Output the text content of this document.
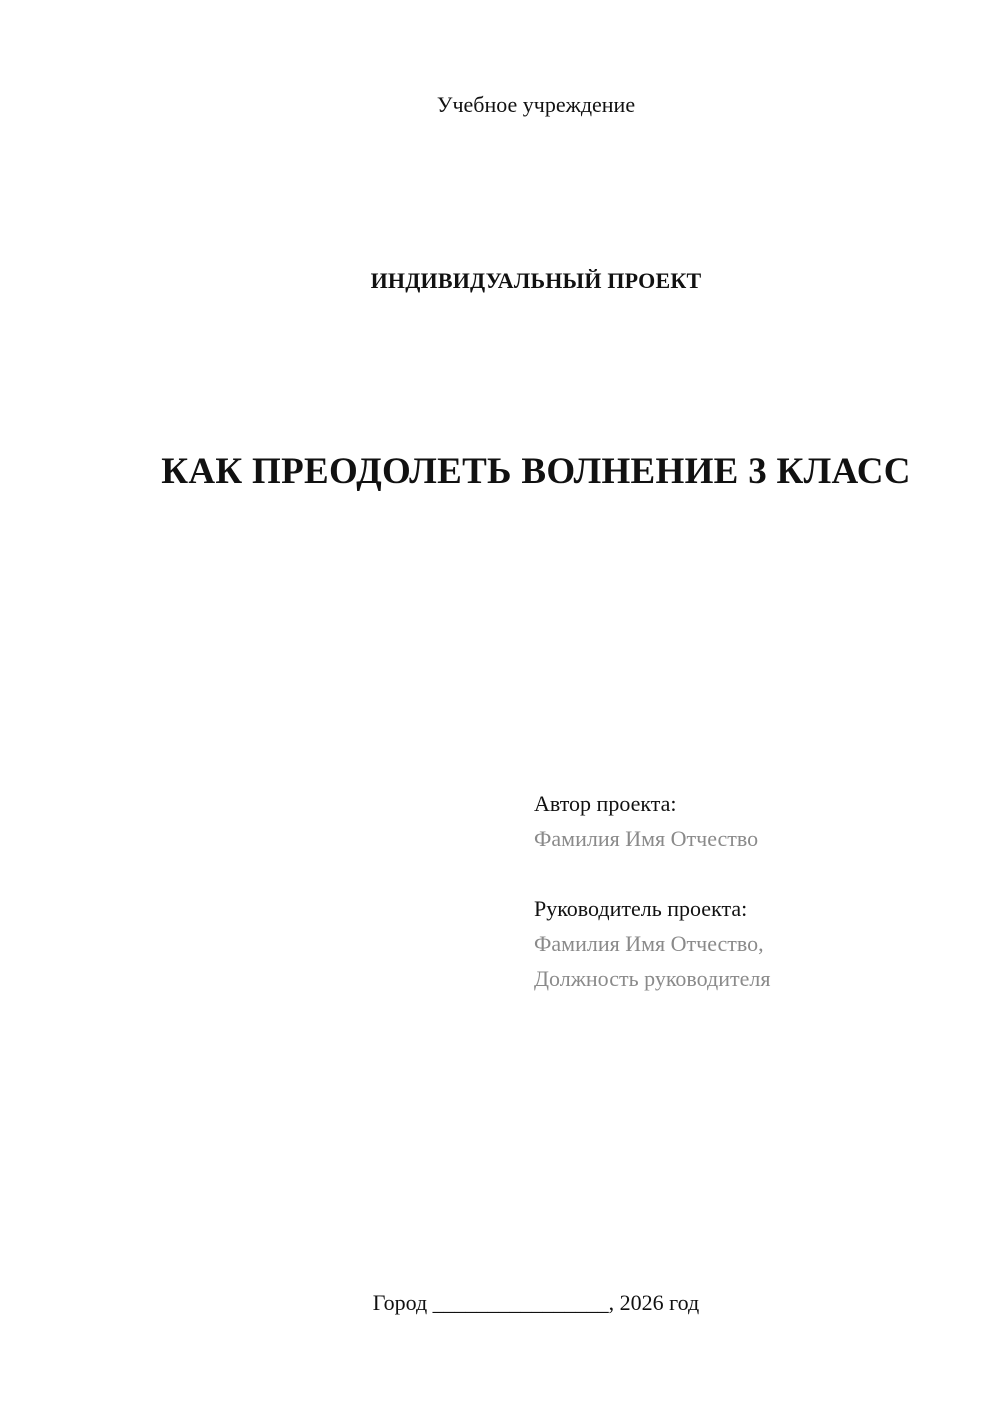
Учебное учреждение
ИНДИВИДУАЛЬНЫЙ ПРОЕКТ
КАК ПРЕОДОЛЕТЬ ВОЛНЕНИЕ 3 КЛАСС
Автор проекта:
Фамилия Имя Отчество
Руководитель проекта:
Фамилия Имя Отчество,
Должность руководителя
Город ________________, 2026 год
